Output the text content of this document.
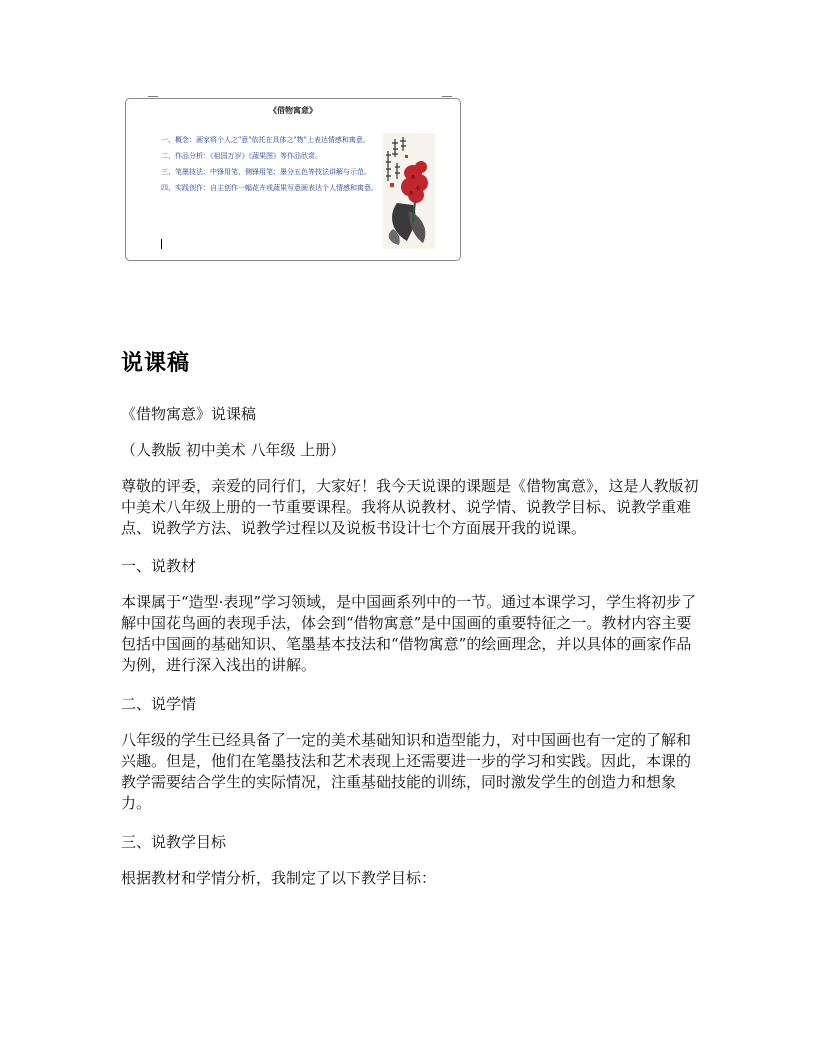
《借物寓意》

一、概念：画家将个人之"意"依托在具体之"物"上表达情感和寓意。

二、作品分析：《祖国万岁》《蔬果图》等作品欣赏。

三、笔墨技法：中锋用笔、侧锋用笔；墨分五色等技法讲解与示范。

四、实践创作：自主创作一幅花卉或蔬果写意画表达个人情感和寓意。

说课稿

《借物寓意》说课稿

（人教版 初中美术 八年级 上册）

尊敬的评委，亲爱的同行们，大家好！我今天说课的课题是《借物寓意》，这是人教版初中美术八年级上册的一节重要课程。我将从说教材、说学情、说教学目标、说教学重难点、说教学方法、说教学过程以及说板书设计七个方面展开我的说课。

一、说教材

本课属于“造型·表现”学习领域，是中国画系列中的一节。通过本课学习，学生将初步了解中国花鸟画的表现手法，体会到“借物寓意”是中国画的重要特征之一。教材内容主要包括中国画的基础知识、笔墨基本技法和“借物寓意”的绘画理念，并以具体的画家作品为例，进行深入浅出的讲解。

二、说学情

八年级的学生已经具备了一定的美术基础知识和造型能力，对中国画也有一定的了解和兴趣。但是，他们在笔墨技法和艺术表现上还需要进一步的学习和实践。因此，本课的教学需要结合学生的实际情况，注重基础技能的训练，同时激发学生的创造力和想象力。

三、说教学目标

根据教材和学情分析，我制定了以下教学目标：
